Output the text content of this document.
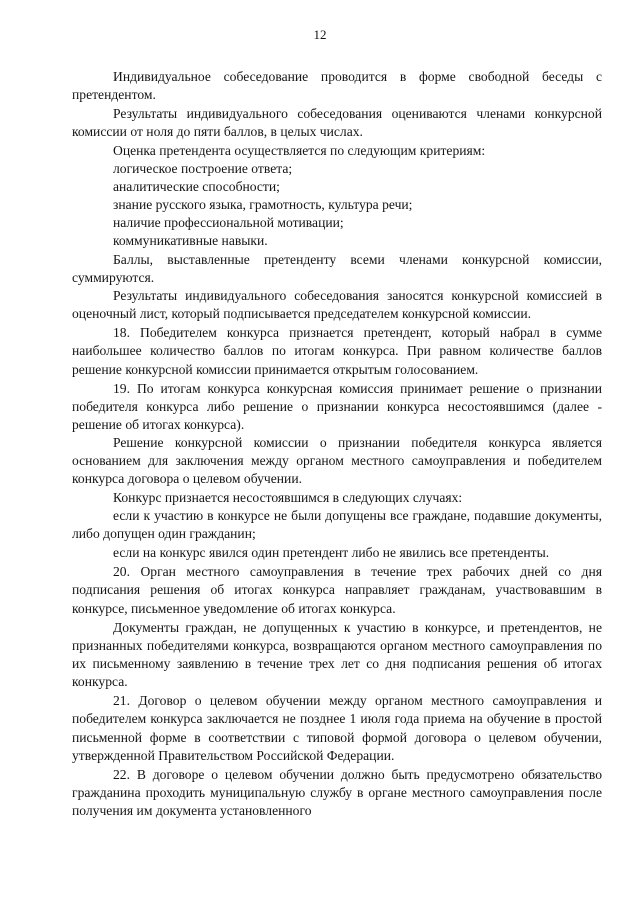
12

Индивидуальное собеседование проводится в форме свободной беседы с претендентом.

Результаты индивидуального собеседования оцениваются членами конкурсной комиссии от ноля до пяти баллов, в целых числах.

Оценка претендента осуществляется по следующим критериям:

логическое построение ответа;

аналитические способности;

знание русского языка, грамотность, культура речи;

наличие профессиональной мотивации;

коммуникативные навыки.

Баллы, выставленные претенденту всеми членами конкурсной комиссии, суммируются.

Результаты индивидуального собеседования заносятся конкурсной комиссией в оценочный лист, который подписывается председателем конкурсной комиссии.

18. Победителем конкурса признается претендент, который набрал в сумме наибольшее количество баллов по итогам конкурса. При равном количестве баллов решение конкурсной комиссии принимается открытым голосованием.

19. По итогам конкурса конкурсная комиссия принимает решение о признании победителя конкурса либо решение о признании конкурса несостоявшимся (далее - решение об итогах конкурса).

Решение конкурсной комиссии о признании победителя конкурса является основанием для заключения между органом местного самоуправления и победителем конкурса договора о целевом обучении.

Конкурс признается несостоявшимся в следующих случаях:

если к участию в конкурсе не были допущены все граждане, подавшие документы, либо допущен один гражданин;

если на конкурс явился один претендент либо не явились все претенденты.

20. Орган местного самоуправления в течение трех рабочих дней со дня подписания решения об итогах конкурса направляет гражданам, участвовавшим в конкурсе, письменное уведомление об итогах конкурса.

Документы граждан, не допущенных к участию в конкурсе, и претендентов, не признанных победителями конкурса, возвращаются органом местного самоуправления по их письменному заявлению в течение трех лет со дня подписания решения об итогах конкурса.

21. Договор о целевом обучении между органом местного самоуправления и победителем конкурса заключается не позднее 1 июля года приема на обучение в простой письменной форме в соответствии с типовой формой договора о целевом обучении, утвержденной Правительством Российской Федерации.

22. В договоре о целевом обучении должно быть предусмотрено обязательство гражданина проходить муниципальную службу в органе местного самоуправления после получения им документа установленного
